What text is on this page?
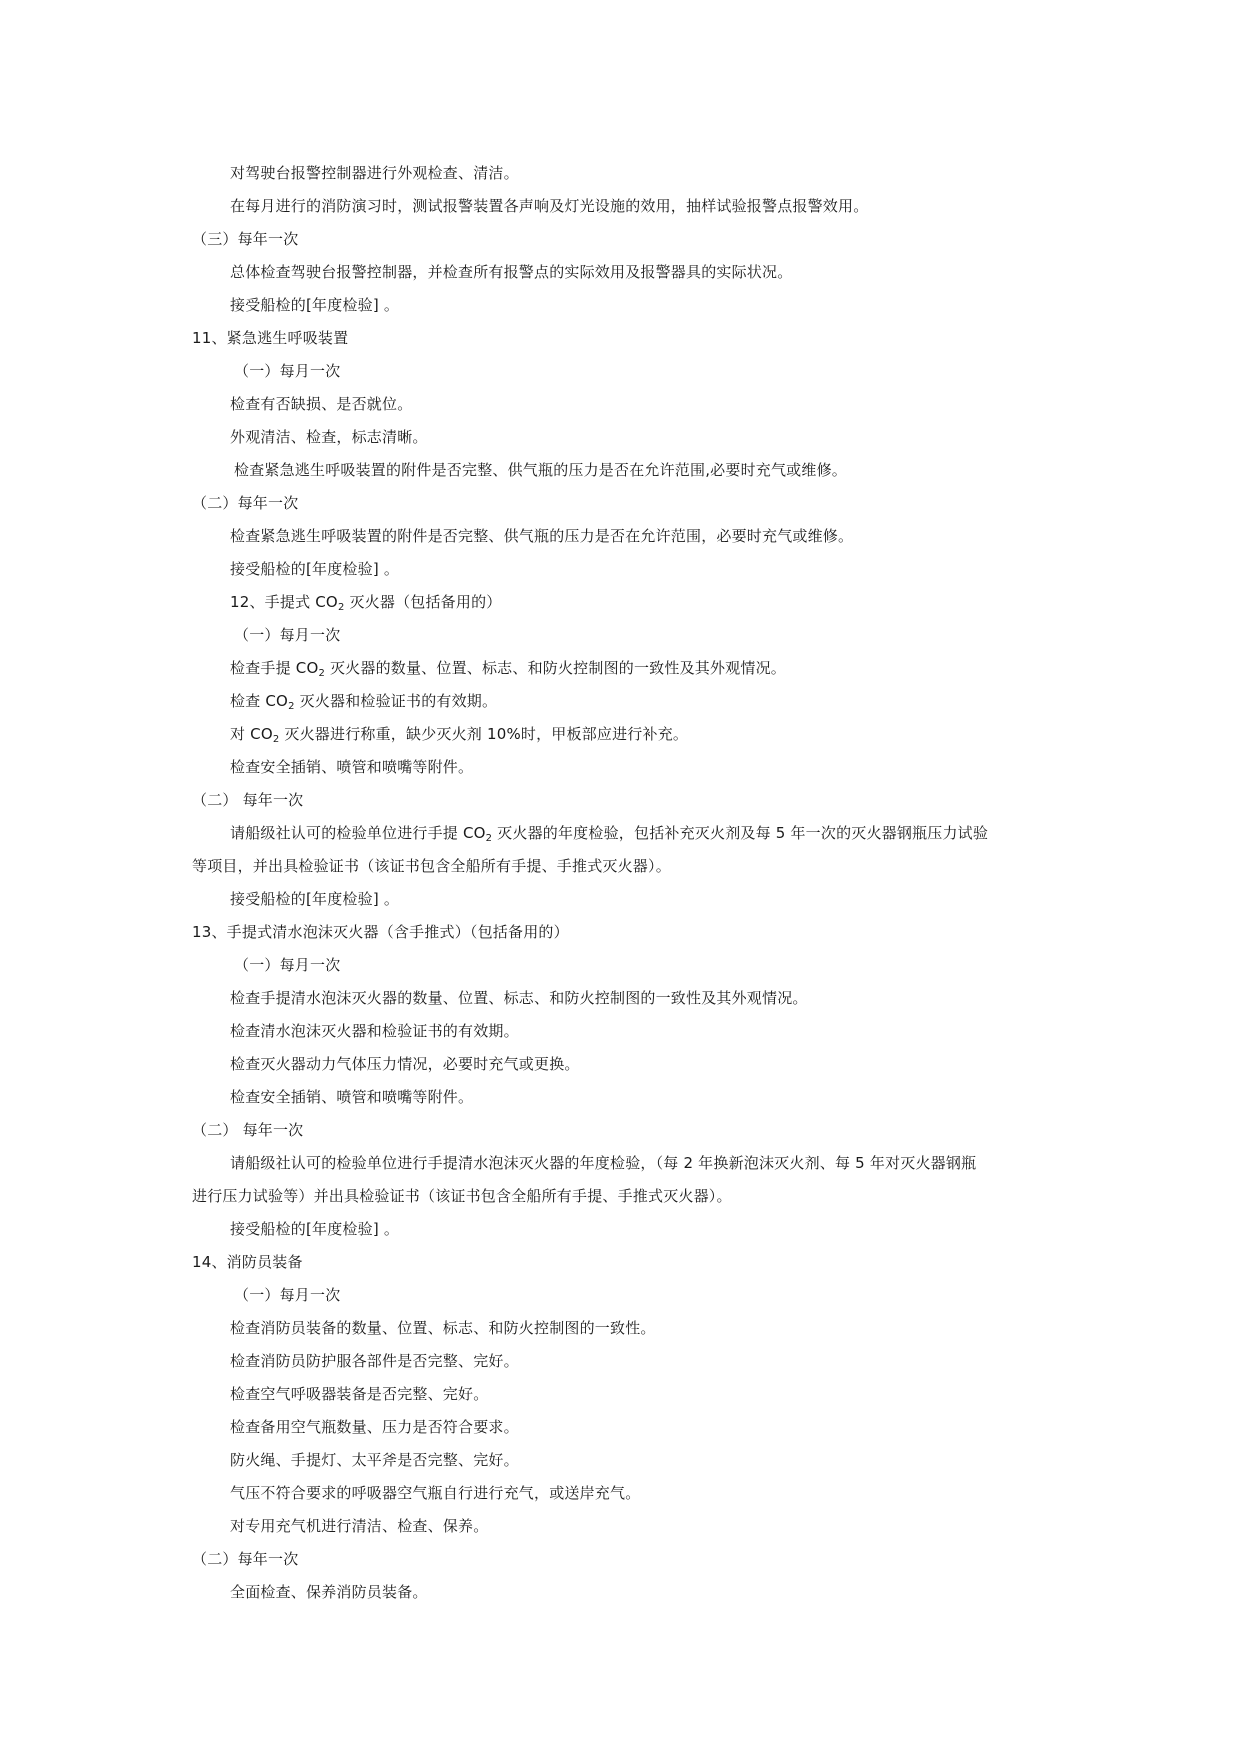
对驾驶台报警控制器进行外观检查、清洁。
在每月进行的消防演习时，测试报警装置各声响及灯光设施的效用，抽样试验报警点报警效用。
（三）每年一次
总体检查驾驶台报警控制器，并检查所有报警点的实际效用及报警器具的实际状况。
接受船检的[年度检验] 。
11、紧急逃生呼吸装置
（一）每月一次
检查有否缺损、是否就位。
外观清洁、检查，标志清晰。
检查紧急逃生呼吸装置的附件是否完整、供气瓶的压力是否在允许范围,必要时充气或维修。
（二）每年一次
检查紧急逃生呼吸装置的附件是否完整、供气瓶的压力是否在允许范围，必要时充气或维修。
接受船检的[年度检验] 。
12、手提式 $CO_2$ 灭火器（包括备用的）
（一）每月一次
检查手提 $CO_2$ 灭火器的数量、位置、标志、和防火控制图的一致性及其外观情况。
检查 $CO_2$ 灭火器和检验证书的有效期。
对 $CO_2$ 灭火器进行称重，缺少灭火剂 10%时，甲板部应进行补充。
检查安全插销、喷管和喷嘴等附件。
（二） 每年一次
请船级社认可的检验单位进行手提 $CO_2$ 灭火器的年度检验，包括补充灭火剂及每 5 年一次的灭火器钢瓶压力试验
等项目，并出具检验证书（该证书包含全船所有手提、手推式灭火器）。
接受船检的[年度检验] 。
13、手提式清水泡沫灭火器（含手推式）（包括备用的）
（一）每月一次
检查手提清水泡沫灭火器的数量、位置、标志、和防火控制图的一致性及其外观情况。
检查清水泡沫灭火器和检验证书的有效期。
检查灭火器动力气体压力情况，必要时充气或更换。
检查安全插销、喷管和喷嘴等附件。
（二） 每年一次
请船级社认可的检验单位进行手提清水泡沫灭火器的年度检验，（每 2 年换新泡沫灭火剂、每 5 年对灭火器钢瓶
进行压力试验等）并出具检验证书（该证书包含全船所有手提、手推式灭火器）。
接受船检的[年度检验] 。
14、消防员装备
（一）每月一次
检查消防员装备的数量、位置、标志、和防火控制图的一致性。
检查消防员防护服各部件是否完整、完好。
检查空气呼吸器装备是否完整、完好。
检查备用空气瓶数量、压力是否符合要求。
防火绳、手提灯、太平斧是否完整、完好。
气压不符合要求的呼吸器空气瓶自行进行充气，或送岸充气。
对专用充气机进行清洁、检查、保养。
（二）每年一次
全面检查、保养消防员装备。
